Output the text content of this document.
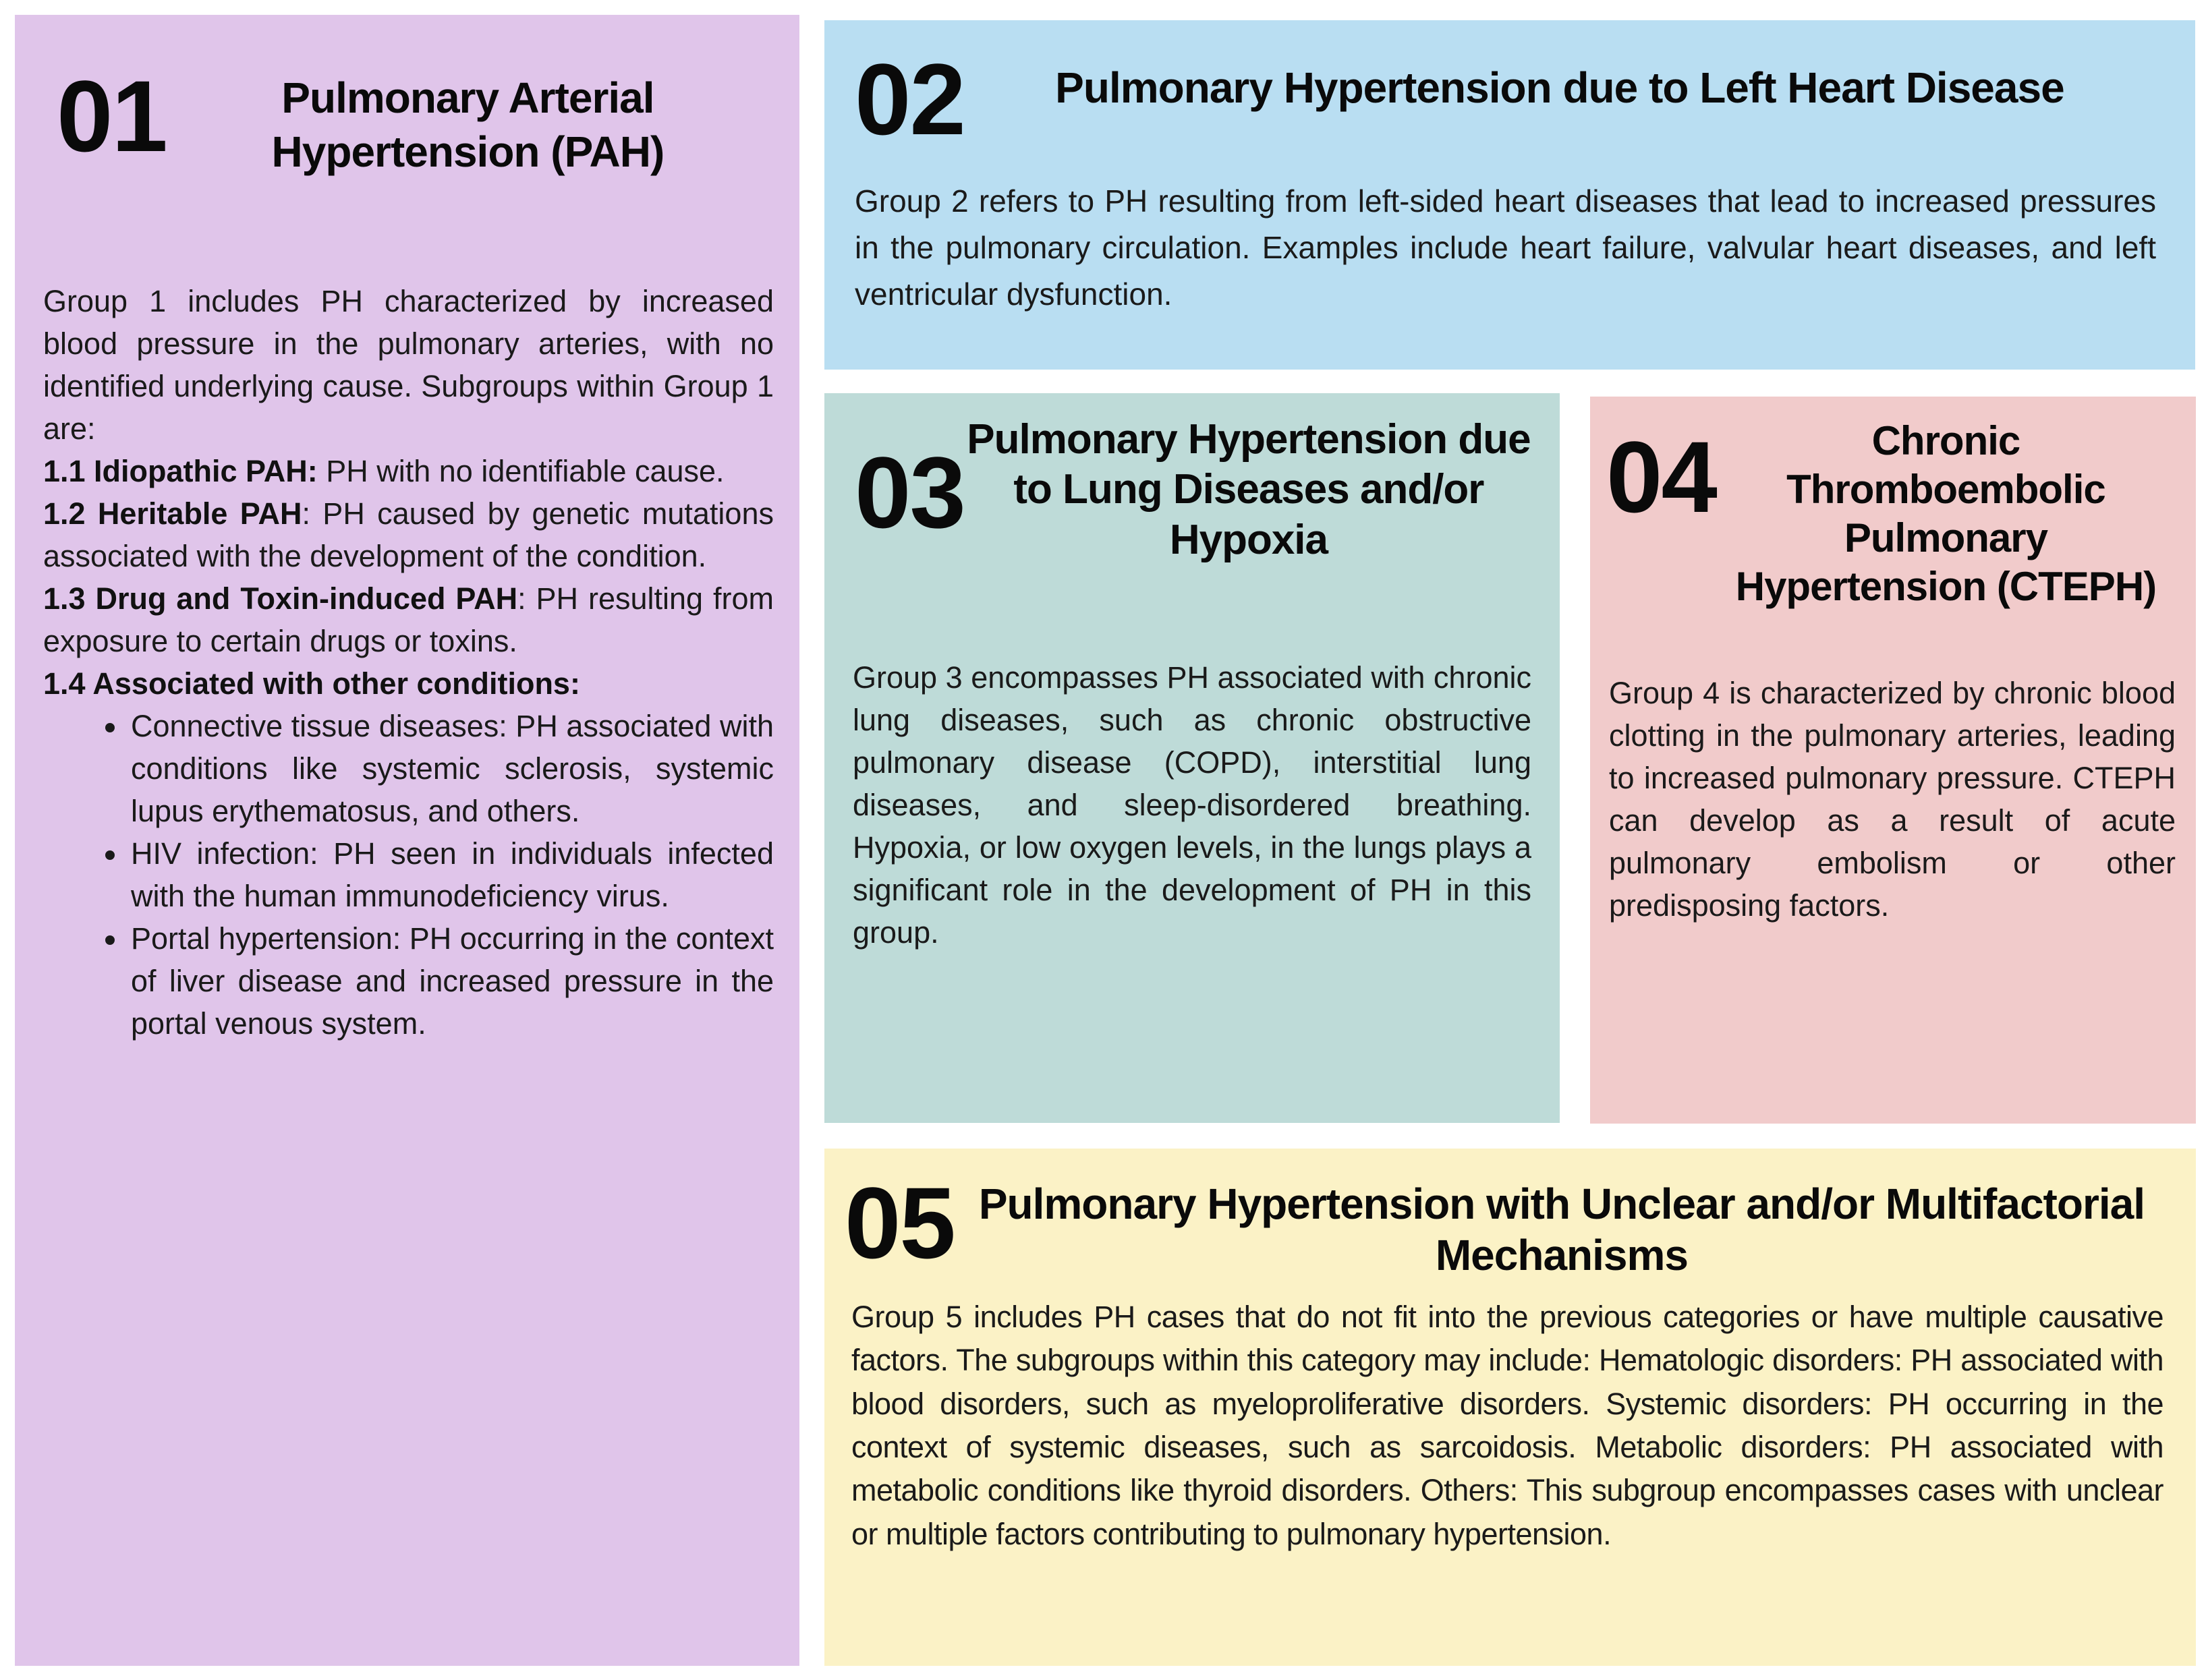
01	Pulmonary Arterial Hypertension (PAH)

Group 1 includes PH characterized by increased blood pressure in the pulmonary arteries, with no identified underlying cause. Subgroups within Group 1 are:

1.1 Idiopathic PAH: PH with no identifiable cause.

1.2 Heritable PAH: PH caused by genetic mutations associated with the development of the condition.

1.3 Drug and Toxin-induced PAH: PH resulting from exposure to certain drugs or toxins.

1.4 Associated with other conditions:

• Connective tissue diseases: PH associated with conditions like systemic sclerosis, systemic lupus erythematosus, and others.
• HIV infection: PH seen in individuals infected with the human immunodeficiency virus.
• Portal hypertension: PH occurring in the context of liver disease and increased pressure in the portal venous system.
02	Pulmonary Hypertension due to Left Heart Disease

Group 2 refers to PH resulting from left-sided heart diseases that lead to increased pressures in the pulmonary circulation. Examples include heart failure, valvular heart diseases, and left ventricular dysfunction.

03 Pulmonary Hypertension due to Lung Diseases and/or Hypoxia

Group 3 encompasses PH associated with chronic lung diseases, such as chronic obstructive pulmonary disease (COPD), interstitial lung diseases, and sleep-disordered breathing. Hypoxia, or low oxygen levels, in the lungs plays a significant role in the development of PH in this group.

04	Chronic Thromboembolic Pulmonary Hypertension (CTEPH)

Group 4 is characterized by chronic blood clotting in the pulmonary arteries, leading to increased pulmonary pressure. CTEPH can develop as a result of acute pulmonary embolism or other predisposing factors.

05 Pulmonary Hypertension with Unclear and/or Multifactorial Mechanisms

Group 5 includes PH cases that do not fit into the previous categories or have multiple causative factors. The subgroups within this category may include: Hematologic disorders: PH associated with blood disorders, such as myeloproliferative disorders. Systemic disorders: PH occurring in the context of systemic diseases, such as sarcoidosis. Metabolic disorders: PH associated with metabolic conditions like thyroid disorders. Others: This subgroup encompasses cases with unclear or multiple factors contributing to pulmonary hypertension.
